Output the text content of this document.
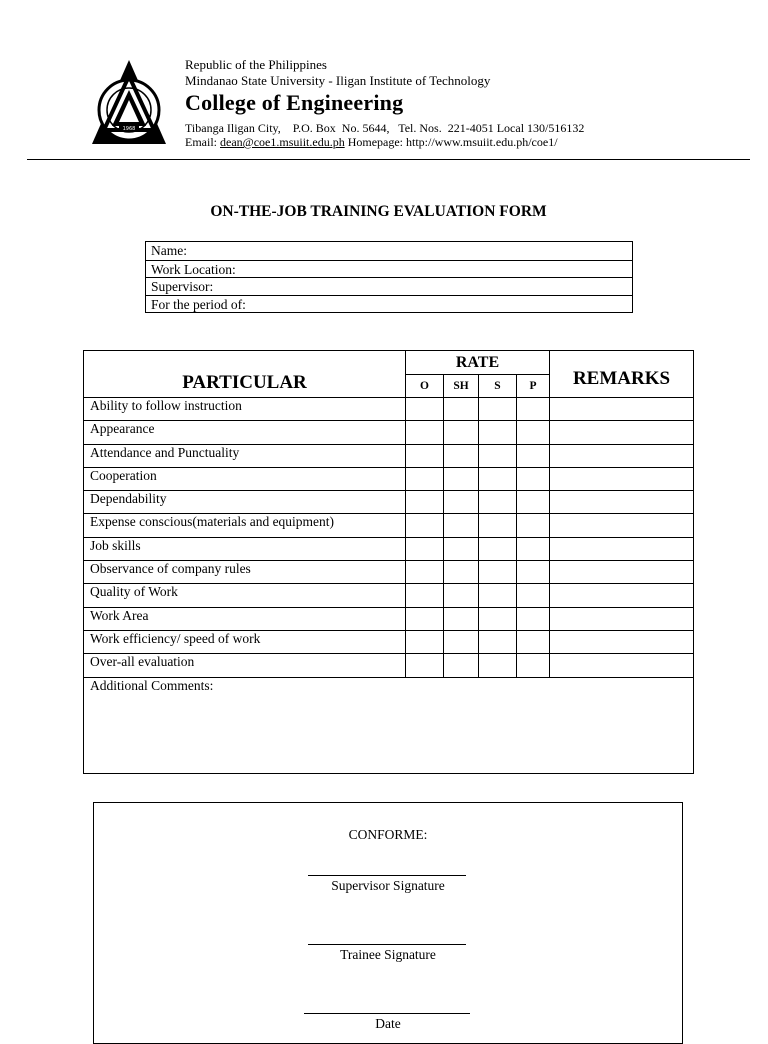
1968
Republic of the Philippines
Mindanao State University - Iligan Institute of Technology
College of Engineering
Tibanga Iligan City,    P.O. Box  No. 5644,   Tel. Nos.  221-4051 Local 130/516132
Email: dean@coe1.msuiit.edu.ph Homepage: http://www.msuiit.edu.ph/coe1/
ON-THE-JOB TRAINING EVALUATION FORM
Name:
Work Location:
Supervisor:
For the period of:
PARTICULAR	RATE				REMARKS
	O	SH	S	P	
Ability to follow instruction					
Appearance					
Attendance and Punctuality					
Cooperation					
Dependability					
Expense conscious(materials and equipment)					
Job skills					
Observance of company rules					
Quality of Work					
Work Area					
Work efficiency/ speed of work					
Over-all evaluation					
Additional Comments:					
CONFORME:
Supervisor Signature
Trainee Signature
Date
